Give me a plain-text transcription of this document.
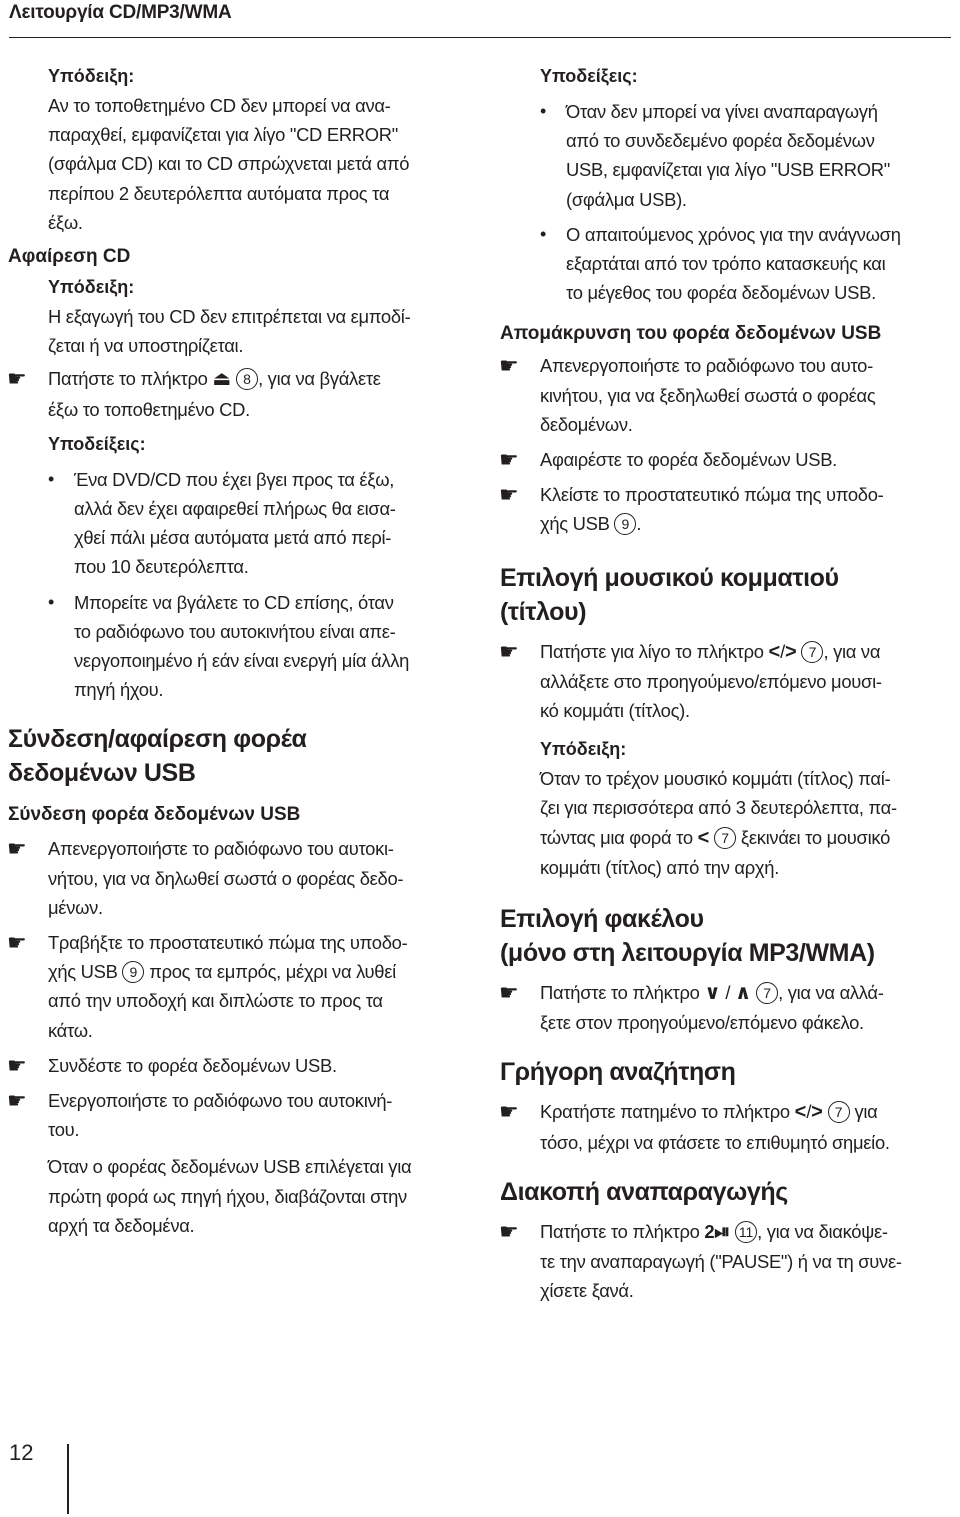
Λειτουργία CD/MP3/WMA

Υπόδειξη:

Αν το τοποθετημένο CD δεν μπορεί να ανα-

παραχθεί, εμφανίζεται για λίγο "CD ERROR"

(σφάλμα CD) και το CD σπρώχνεται μετά από

περίπου 2 δευτερόλεπτα αυτόματα προς τα

έξω.

Αφαίρεση CD

Υπόδειξη:

Η εξαγωγή του CD δεν επιτρέπεται να εμποδί-

ζεται ή να υποστηρίζεται.

☛ Πατήστε το πλήκτρο ⏏ 8 , για να βγάλετε

έξω το τοποθετημένο CD.

Υποδείξεις:

• Ένα DVD/CD που έχει βγει προς τα έξω,

αλλά δεν έχει αφαιρεθεί πλήρως θα εισα-

χθεί πάλι μέσα αυτόματα μετά από περί-

που 10 δευτερόλεπτα.

• Μπορείτε να βγάλετε το CD επίσης, όταν

το ραδιόφωνο του αυτοκινήτου είναι απε-

νεργοποιημένο ή εάν είναι ενεργή μία άλλη

πηγή ήχου.

Σύνδεση/αφαίρεση φορέα

δεδομένων USB

Σύνδεση φορέα δεδομένων USB

☛ Απενεργοποιήστε το ραδιόφωνο του αυτοκι-

νήτου, για να δηλωθεί σωστά ο φορέας δεδο-

μένων.

☛ Τραβήξτε το προστατευτικό πώμα της υποδο-

χής USB 9 προς τα εμπρός, μέχρι να λυθεί

από την υποδοχή και διπλώστε το προς τα

κάτω.

☛ Συνδέστε το φορέα δεδομένων USB.

☛ Ενεργοποιήστε το ραδιόφωνο του αυτοκινή-

του.

Όταν ο φορέας δεδομένων USB επιλέγεται για

πρώτη φορά ως πηγή ήχου, διαβάζονται στην

αρχή τα δεδομένα.

Υποδείξεις:

• Όταν δεν μπορεί να γίνει αναπαραγωγή

από το συνδεδεμένο φορέα δεδομένων

USB, εμφανίζεται για λίγο "USB ERROR"

(σφάλμα USB).

• Ο απαιτούμενος χρόνος για την ανάγνωση

εξαρτάται από τον τρόπο κατασκευής και

το μέγεθος του φορέα δεδομένων USB.

Απομάκρυνση του φορέα δεδομένων USB

☛ Απενεργοποιήστε το ραδιόφωνο του αυτο-

κινήτου, για να ξεδηλωθεί σωστά ο φορέας

δεδομένων.

☛ Αφαιρέστε το φορέα δεδομένων USB.

☛ Κλείστε το προστατευτικό πώμα της υποδο-

χής USB 9 .

Επιλογή μουσικού κομματιού

(τίτλου)

☛ Πατήστε για λίγο το πλήκτρο </> 7 , για να

αλλάξετε στο προηγούμενο/επόμενο μουσι-

κό κομμάτι (τίτλος).

Υπόδειξη:

Όταν το τρέχον μουσικό κομμάτι (τίτλος) παί-

ζει για περισσότερα από 3 δευτερόλεπτα, πα-

τώντας μια φορά το < 7 ξεκινάει το μουσικό

κομμάτι (τίτλος) από την αρχή.

Επιλογή φακέλου

(μόνο στη λειτουργία MP3/WMA)

☛ Πατήστε το πλήκτρο ∨ / ∧ 7 , για να αλλά-

ξετε στον προηγούμενο/επόμενο φάκελο.

Γρήγορη αναζήτηση

☛ Κρατήστε πατημένο το πλήκτρο </> 7 για

τόσο, μέχρι να φτάσετε το επιθυμητό σημείο.

Διακοπή αναπαραγωγής

☛ Πατήστε το πλήκτρο 2⏯ 11 , για να διακόψε-

τε την αναπαραγωγή ("PAUSE") ή να τη συνε-

χίσετε ξανά.

12
